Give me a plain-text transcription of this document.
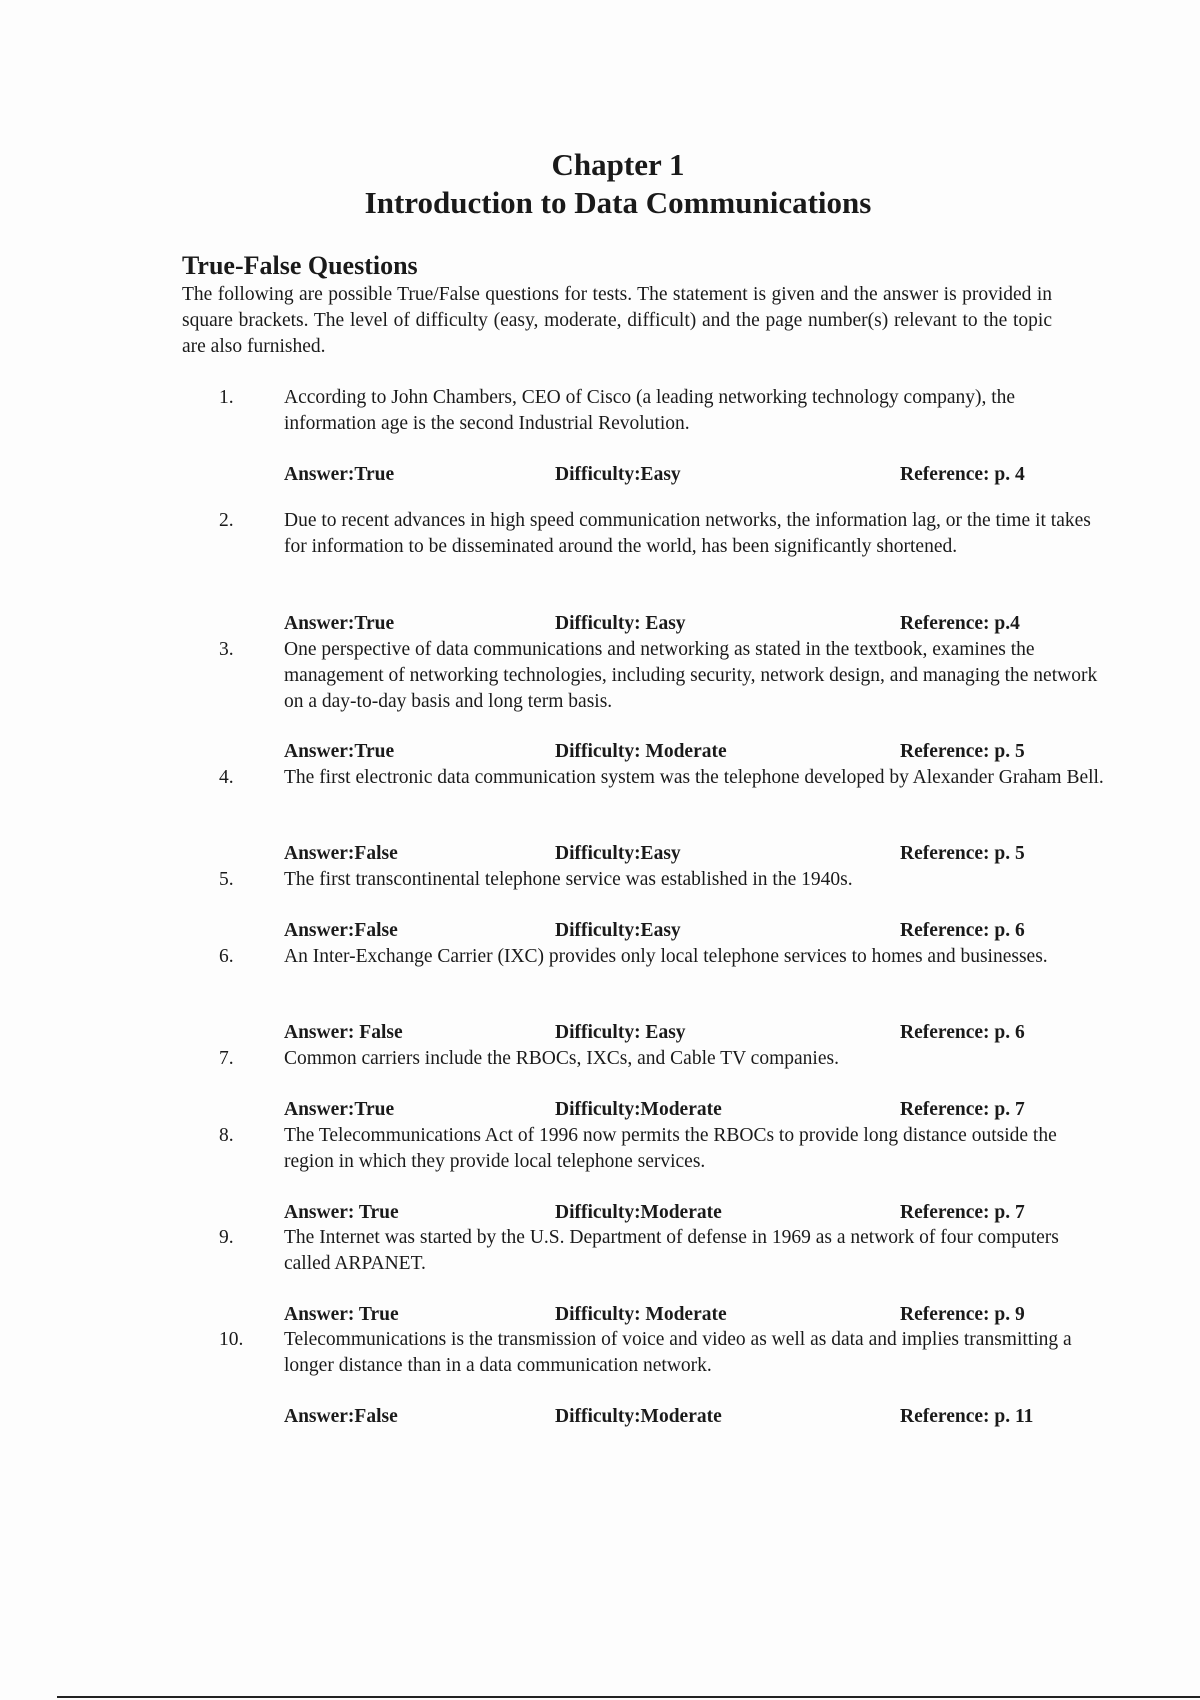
Chapter 1
Introduction to Data Communications
True-False Questions
The following are possible True/False questions for tests. The statement is given and the answer is provided in square brackets. The level of difficulty (easy, moderate, difficult) and the page number(s) relevant to the topic are also furnished.
1.	According to John Chambers, CEO of Cisco (a leading networking technology company), the information age is the second Industrial Revolution.
Answer:True	Difficulty:Easy	Reference: p. 4
2.	Due to recent advances in high speed communication networks, the information lag, or the time it takes for information to be disseminated around the world, has been significantly shortened.
Answer:True	Difficulty: Easy	Reference: p.4
3.	One perspective of data communications and networking as stated in the textbook, examines the management of networking technologies, including security, network design, and managing the network on a day-to-day basis and long term basis.
Answer:True	Difficulty: Moderate	Reference: p. 5
4.	The first electronic data communication system was the telephone developed by Alexander Graham Bell.
Answer:False	Difficulty:Easy	Reference: p. 5
5.	The first transcontinental telephone service was established in the 1940s.
Answer:False	Difficulty:Easy	Reference: p. 6
6.	An Inter-Exchange Carrier (IXC) provides only local telephone services to homes and businesses.
Answer: False	Difficulty: Easy	Reference: p. 6
7.	Common carriers include the RBOCs, IXCs, and Cable TV companies.
Answer:True	Difficulty:Moderate	Reference: p. 7
8.	The Telecommunications Act of 1996 now permits the RBOCs to provide long distance outside the region in which they provide local telephone services.
Answer: True	Difficulty:Moderate	Reference: p. 7
9.	The Internet was started by the U.S. Department of defense in 1969 as a network of four computers called ARPANET.
Answer: True	Difficulty: Moderate	Reference: p. 9
10. Telecommunications is the transmission of voice and video as well as data and implies transmitting a longer distance than in a data communication network.
Answer:False	Difficulty:Moderate	Reference: p. 11
